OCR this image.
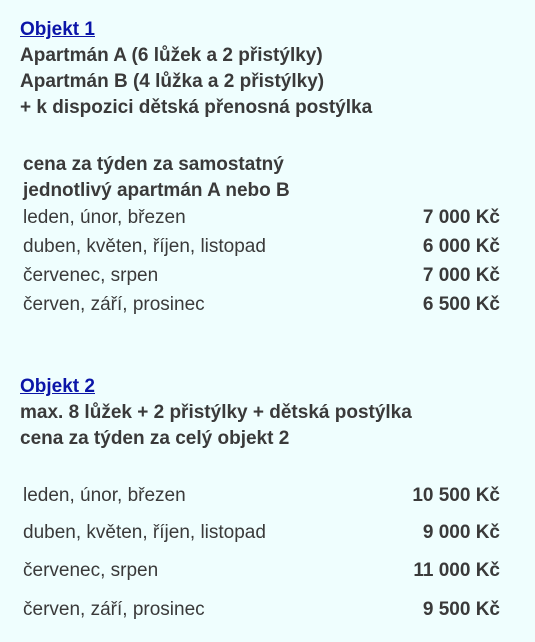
Objekt 1
Apartmán A (6 lůžek a 2 přistýlky)
Apartmán B (4 lůžka a 2 přistýlky)
+ k dispozici dětská přenosná postýlka
cena za týden za samostatný
jednotlivý apartmán A nebo B
leden, únor, březen	7 000 Kč
duben, květen, říjen, listopad	6 000 Kč
červenec, srpen	7 000 Kč
červen, září, prosinec	6 500 Kč
Objekt 2
max. 8 lůžek + 2 přistýlky + dětská postýlka
cena za týden za celý objekt 2
leden, únor, březen	10 500 Kč
duben, květen, říjen, listopad	9 000 Kč
červenec, srpen	11 000 Kč
červen, září, prosinec	9 500 Kč
